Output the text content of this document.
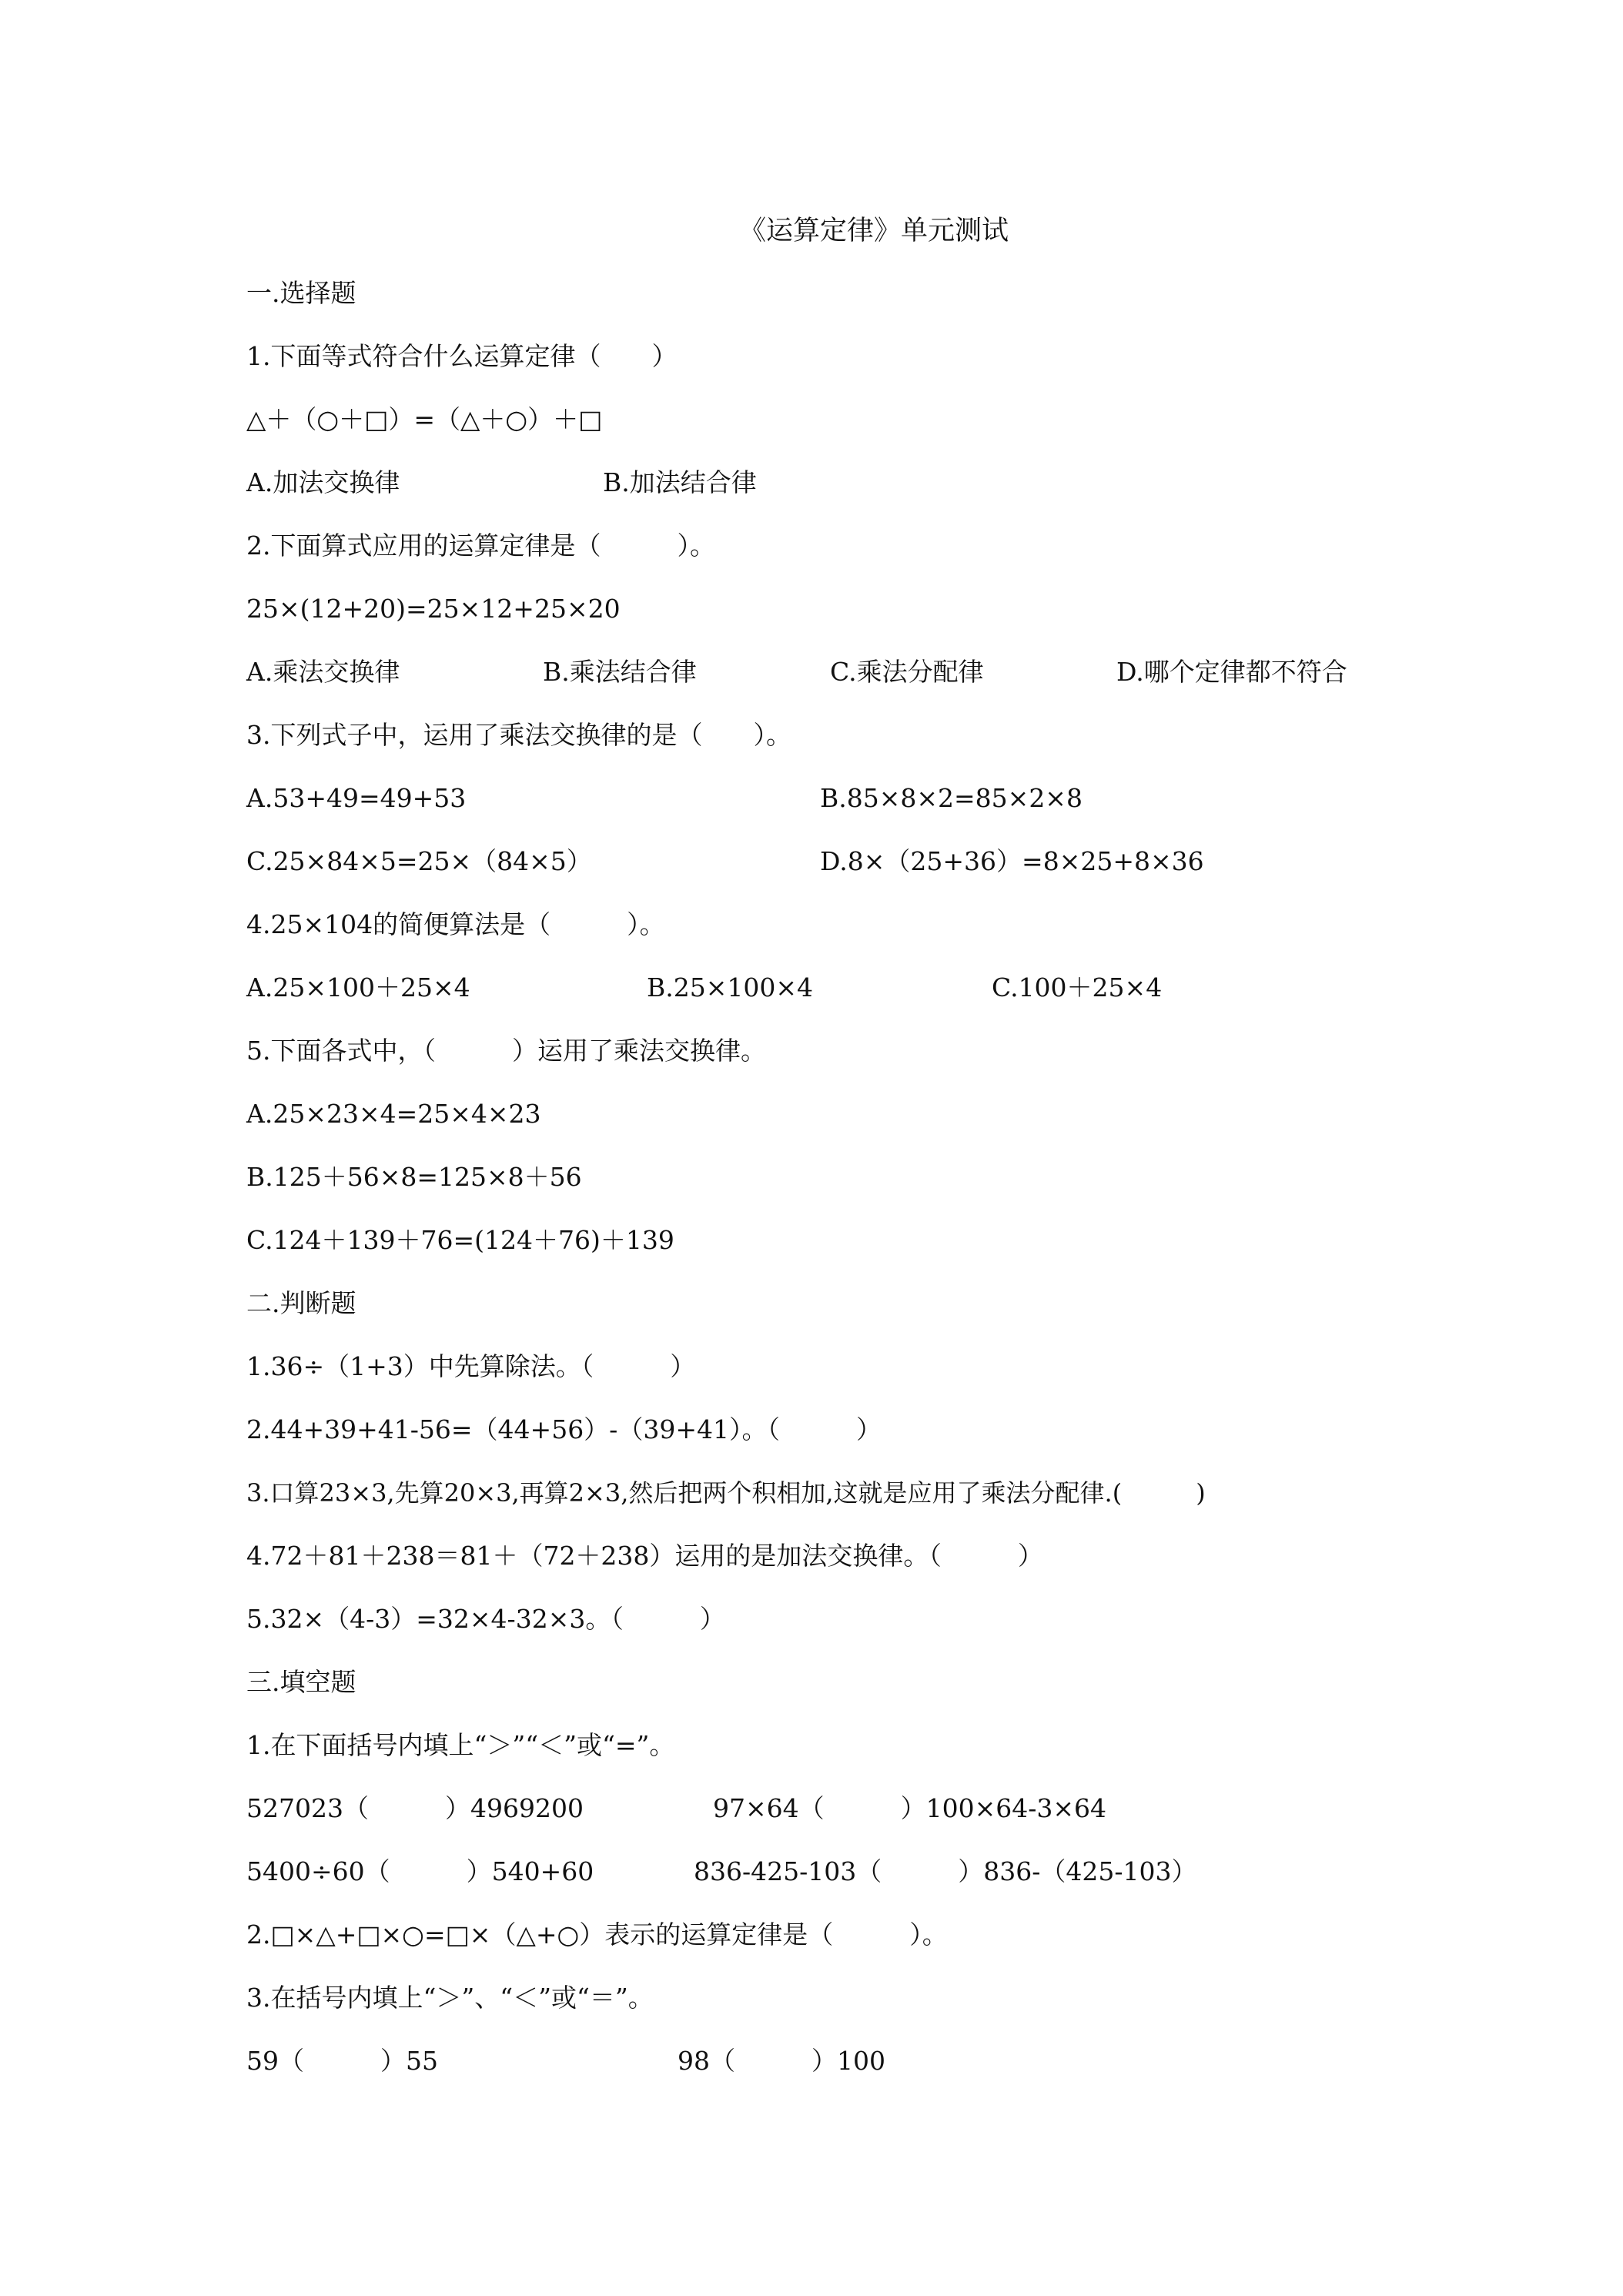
《运算定律》单元测试
一.选择题
1.下面等式符合什么运算定律（　　）
△＋（○＋□）=（△＋○）＋□
A.加法交换律	B.加法结合律
2.下面算式应用的运算定律是（　　　）。
25×(12+20)=25×12+25×20
A.乘法交换律	B.乘法结合律	C.乘法分配律	D.哪个定律都不符合
3.下列式子中，运用了乘法交换律的是（　　）。
A.53+49=49+53	B.85×8×2=85×2×8
C.25×84×5=25×（84×5）	D.8×（25+36）=8×25+8×36
4.25×104的简便算法是（　　　）。
A.25×100＋25×4	B.25×100×4	C.100＋25×4
5.下面各式中，（　　　）运用了乘法交换律。
A.25×23×4=25×4×23
B.125＋56×8=125×8＋56
C.124＋139＋76=(124＋76)＋139
二.判断题
1.36÷（1+3）中先算除法。（　　　）
2.44+39+41-56=（44+56）-（39+41）。（　　　）
3.口算23×3,先算20×3,再算2×3,然后把两个积相加,这就是应用了乘法分配律.(　　　)
4.72＋81＋238＝81＋（72＋238）运用的是加法交换律。（　　　）
5.32×（4-3）=32×4-32×3。（　　　）
三.填空题
1.在下面括号内填上“＞”“＜”或“=”。
527023（　　　）4969200	97×64（　　　）100×64-3×64
5400÷60（　　　）540+60	836-425-103（　　　）836-（425-103）
2.□×△+□×○=□×（△+○）表示的运算定律是（　　　）。
3.在括号内填上“＞”、“＜”或“＝”。
59（　　　）55	98（　　　）100
